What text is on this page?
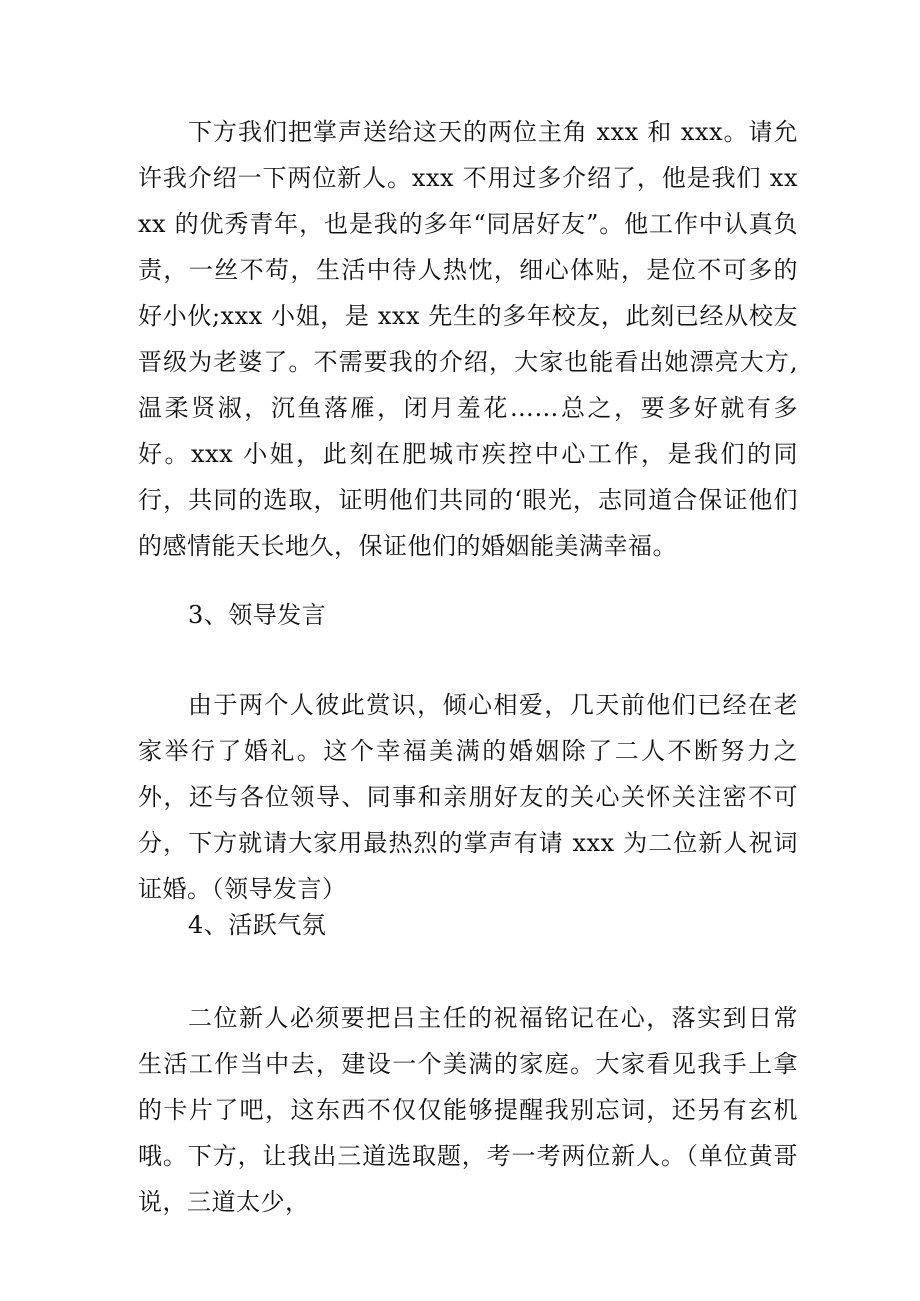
下方我们把掌声送给这天的两位主角 xxx 和 xxx。请允许我介绍一下两位新人。xxx 不用过多介绍了，他是我们 xxxx 的优秀青年，也是我的多年“同居好友”。他工作中认真负责，一丝不苟，生活中待人热忱，细心体贴，是位不可多的好小伙;xxx 小姐，是 xxx 先生的多年校友，此刻已经从校友晋级为老婆了。不需要我的介绍，大家也能看出她漂亮大方,温柔贤淑，沉鱼落雁，闭月羞花……总之，要多好就有多好。xxx 小姐，此刻在肥城市疾控中心工作，是我们的同行，共同的选取，证明他们共同的‘眼光，志同道合保证他们的感情能天长地久，保证他们的婚姻能美满幸福。

3、领导发言

由于两个人彼此赏识，倾心相爱，几天前他们已经在老家举行了婚礼。这个幸福美满的婚姻除了二人不断努力之外，还与各位领导、同事和亲朋好友的关心关怀关注密不可分，下方就请大家用最热烈的掌声有请 xxx 为二位新人祝词证婚。（领导发言）

4、活跃气氛

二位新人必须要把吕主任的祝福铭记在心，落实到日常生活工作当中去，建设一个美满的家庭。大家看见我手上拿的卡片了吧，这东西不仅仅能够提醒我别忘词，还另有玄机哦。下方，让我出三道选取题，考一考两位新人。（单位黄哥说，三道太少，
